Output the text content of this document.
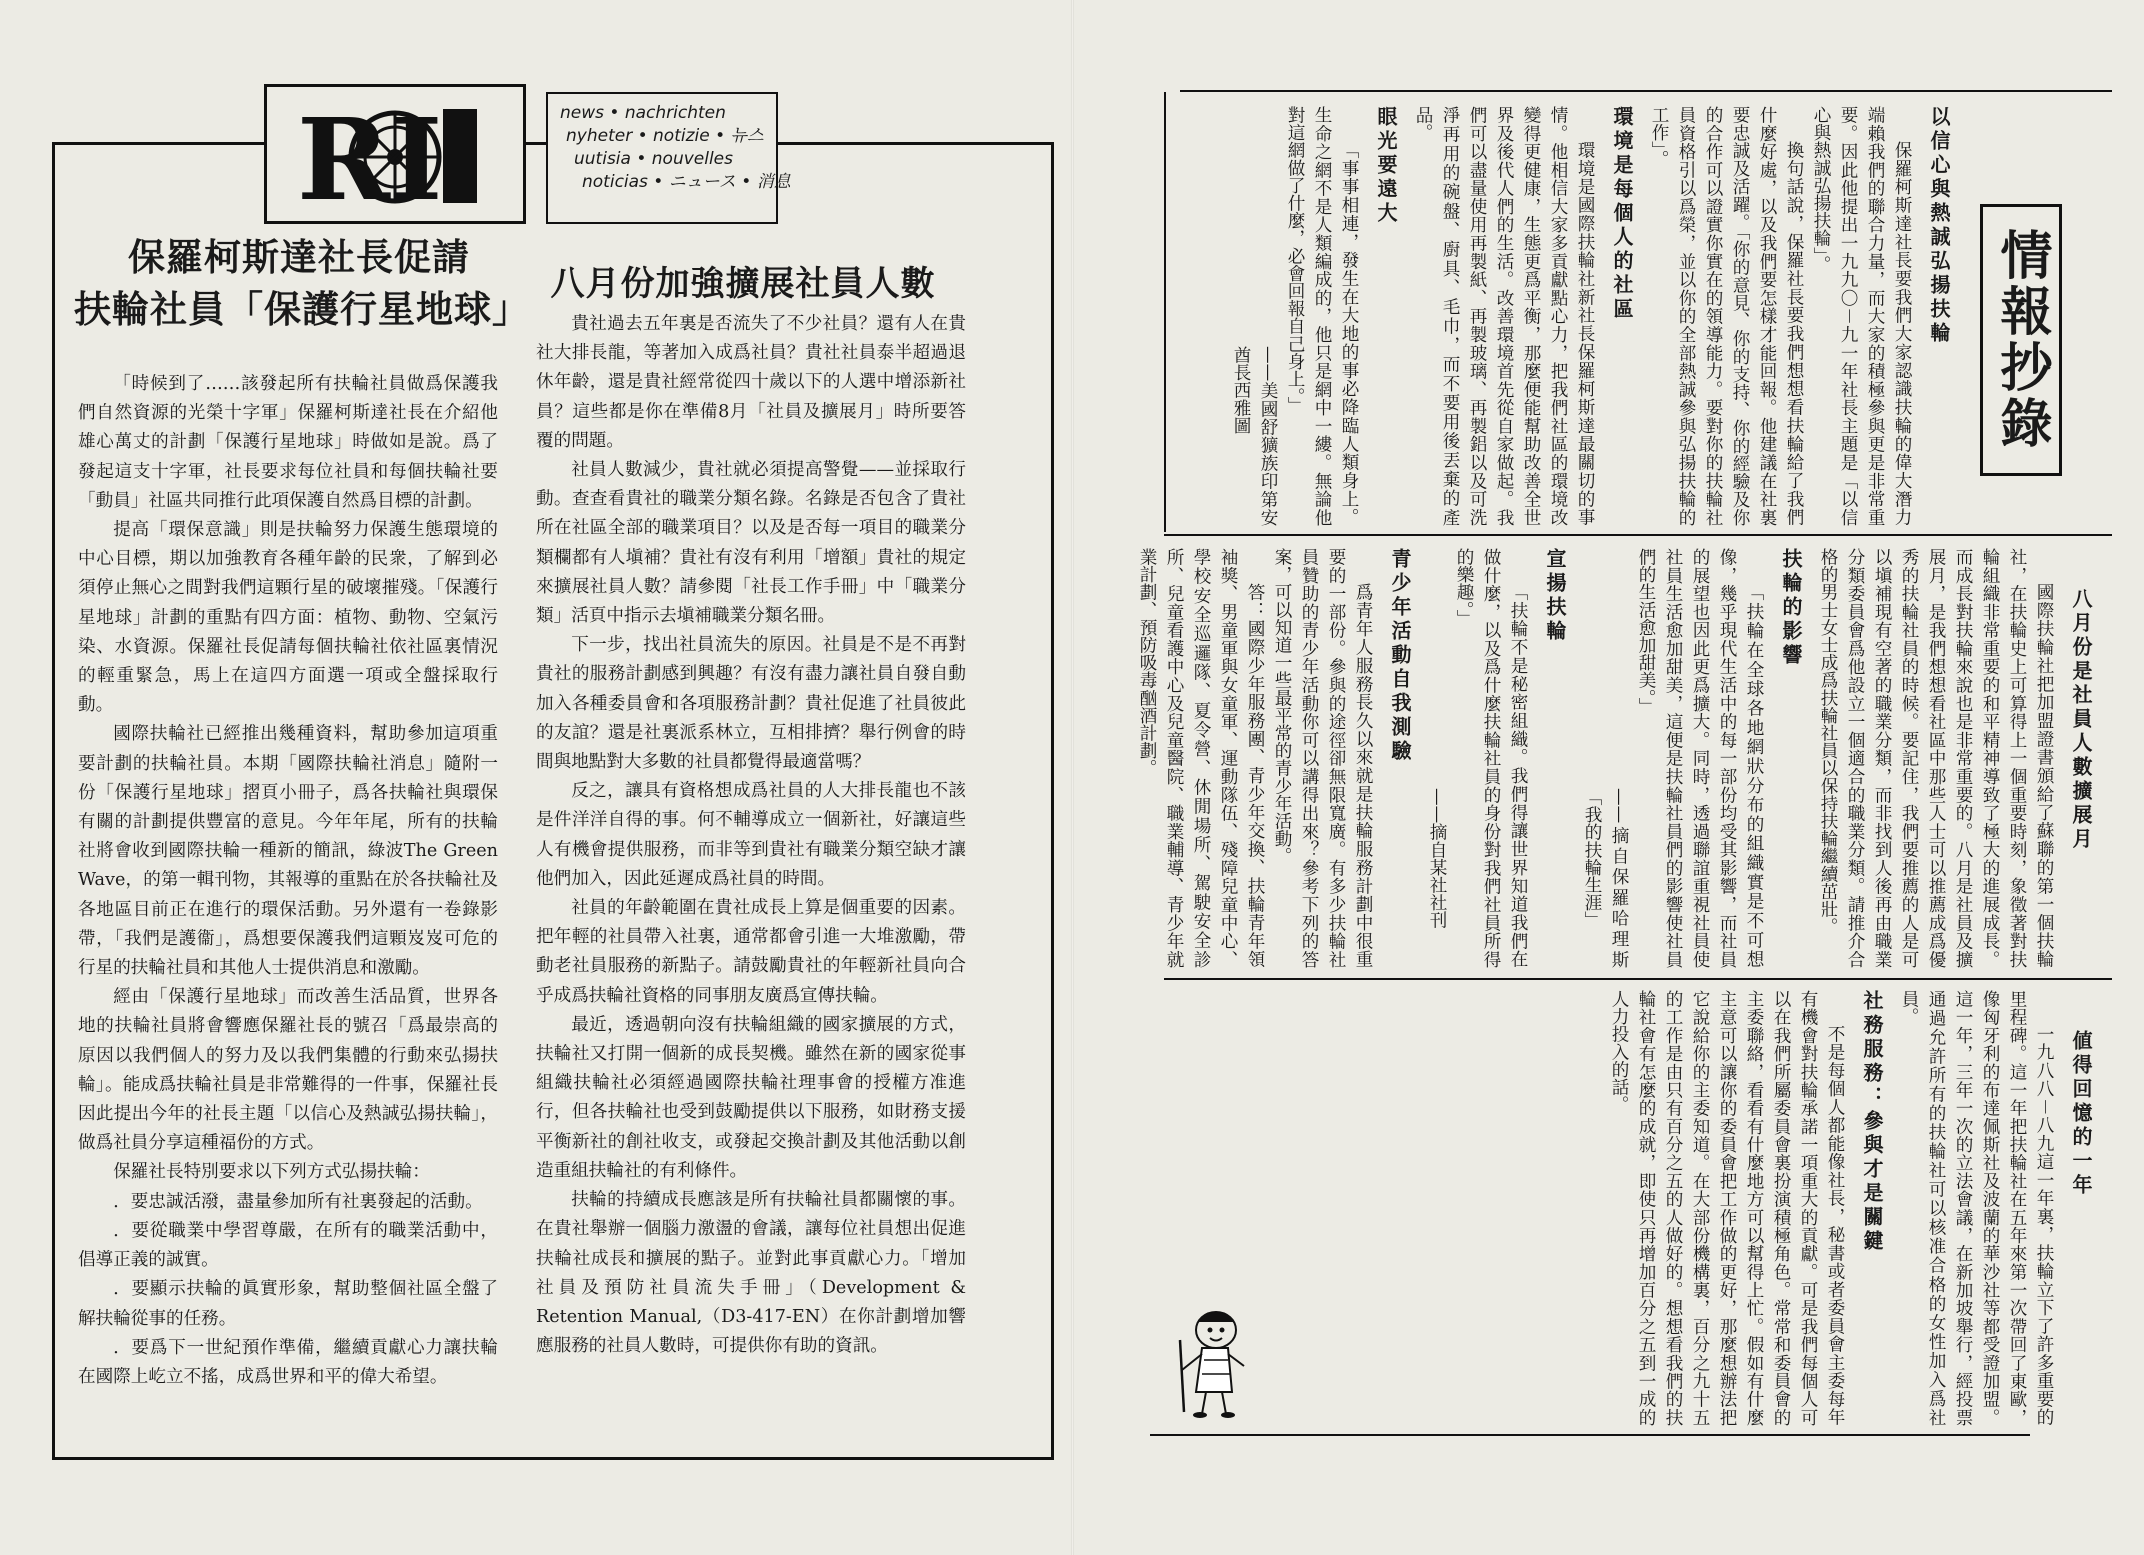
RI	news • nachrichten
nyheter • notizie • 뉴스
uutisia • nouvelles
noticias • ニュース • 消息
保羅柯斯達社長促請
扶輪社員「保護行星地球」
八月份加強擴展社員人數

「時候到了……該發起所有扶輪社員做爲保護我們自然資源的光榮十字軍」保羅柯斯達社長在介紹他雄心萬丈的計劃「保護行星地球」時做如是說。爲了發起這支十字軍，社長要求每位社員和每個扶輪社要「動員」社區共同推行此項保護自然爲目標的計劃。

提高「環保意識」則是扶輪努力保護生態環境的中心目標，期以加強教育各種年齡的民衆，了解到必須停止無心之間對我們這顆行星的破壞摧殘。「保護行星地球」計劃的重點有四方面：植物、動物、空氣污染、水資源。保羅社長促請每個扶輪社依社區裏情況的輕重緊急，馬上在這四方面選一項或全盤採取行動。

國際扶輪社已經推出幾種資料，幫助參加這項重要計劃的扶輪社員。本期「國際扶輪社消息」隨附一份「保護行星地球」摺頁小冊子，爲各扶輪社與環保有關的計劃提供豐富的意見。今年年尾，所有的扶輪社將會收到國際扶輪一種新的簡訊，綠波The Green Wave，的第一輯刊物，其報導的重點在於各扶輪社及各地區目前正在進行的環保活動。另外還有一卷錄影帶，「我們是護衞」，爲想要保護我們這顆岌岌可危的行星的扶輪社員和其他人士提供消息和激勵。

經由「保護行星地球」而改善生活品質，世界各地的扶輪社員將會響應保羅社長的號召「爲最崇高的原因以我們個人的努力及以我們集體的行動來弘揚扶輪」。能成爲扶輪社員是非常難得的一件事，保羅社長因此提出今年的社長主題「以信心及熱誠弘揚扶輪」，做爲社員分享這種福份的方式。

保羅社長特別要求以下列方式弘揚扶輪：

．要忠誠活潑，盡量參加所有社裏發起的活動。

．要從職業中學習尊嚴，在所有的職業活動中，倡導正義的誠實。

．要顯示扶輪的眞實形象，幫助整個社區全盤了解扶輪從事的任務。

．要爲下一世紀預作準備，繼續貢獻心力讓扶輪在國際上屹立不搖，成爲世界和平的偉大希望。

貴社過去五年裏是否流失了不少社員？還有人在貴社大排長龍，等著加入成爲社員？貴社社員泰半超過退休年齡，還是貴社經常從四十歲以下的人選中增添新社員？這些都是你在準備8月「社員及擴展月」時所要答覆的問題。

社員人數減少，貴社就必須提高警覺——並採取行動。查查看貴社的職業分類名錄。名錄是否包含了貴社所在社區全部的職業項目？以及是否每一項目的職業分類欄都有人塡補？貴社有沒有利用「增額」貴社的規定來擴展社員人數？請參閱「社長工作手冊」中「職業分類」活頁中指示去塡補職業分類名冊。

下一步，找出社員流失的原因。社員是不是不再對貴社的服務計劃感到興趣？有沒有盡力讓社員自發自動加入各種委員會和各項服務計劃？貴社促進了社員彼此的友誼？還是社裏派系林立，互相排擠？舉行例會的時間與地點對大多數的社員都覺得最適當嗎？

反之，讓具有資格想成爲社員的人大排長龍也不該是件洋洋自得的事。何不輔導成立一個新社，好讓這些人有機會提供服務，而非等到貴社有職業分類空缺才讓他們加入，因此延遲成爲社員的時間。

社員的年齡範圍在貴社成長上算是個重要的因素。把年輕的社員帶入社裏，通常都會引進一大堆激勵，帶動老社員服務的新點子。請鼓勵貴社的年輕新社員向合乎成爲扶輪社資格的同事朋友廣爲宣傳扶輪。

最近，透過朝向沒有扶輪組織的國家擴展的方式，扶輪社又打開一個新的成長契機。雖然在新的國家從事組織扶輪社必須經過國際扶輪社理事會的授權方准進行，但各扶輪社也受到鼓勵提供以下服務，如財務支援平衡新社的創社收支，或發起交換計劃及其他活動以創造重組扶輪社的有利條件。

扶輪的持續成長應該是所有扶輪社員都關懷的事。在貴社舉辦一個腦力激盪的會議，讓每位社員想出促進扶輪社成長和擴展的點子。並對此事貢獻心力。「增加社員及預防社員流失手冊」（Development & Retention Manual,（D3-417-EN）在你計劃增加響應服務的社員人數時，可提供你有助的資訊。

情報抄錄

以信心與熱誠弘揚扶輪

保羅柯斯達社長要我們大家認識扶輪的偉大潛力端賴我們的聯合力量，而大家的積極參與更是非常重要。因此他提出一九九〇－九一年社長主題是「以信心與熱誠弘揚扶輪」。

換句話說，保羅社長要我們想想看扶輪給了我們什麼好處，以及我們要怎樣才能回報。他建議在社裏要忠誠及活躍。「你的意見、你的支持、你的經驗及你的合作可以證實你實在的領導能力。要對你的扶輪社員資格引以爲榮，並以你的全部熱誠參與弘揚扶輪的工作」。

環境是每個人的社區

環境是國際扶輪社新社長保羅柯斯達最關切的事情。他相信大家多貢獻點心力，把我們社區的環境改變得更健康，生態更爲平衡，那麼便能幫助改善全世界及後代人們的生活。改善環境首先從自家做起。我們可以盡量使用再製紙、再製玻璃、再製鋁以及可洗淨再用的碗盤、廚具、毛巾，而不要用後丟棄的產品。

眼光要遠大

「事事相連，發生在大地的事必降臨人類身上。生命之網不是人類編成的，他只是網中一縷。無論他對這網做了什麼，必會回報自己身上。」

——美國舒獷族印第安酋長西雅圖

八月份是社員人數擴展月

國際扶輪社把加盟證書頒給了蘇聯的第一個扶輪社，在扶輪史上可算得上一個重要時刻，象徵著對扶輪組織非常重要的和平精神導致了極大的進展成長。而成長對扶輪來說也是非常重要的。八月是社員及擴展月，是我們想想看社區中那些人士可以推薦成爲優秀的扶輪社員的時候。要記住，我們要推薦的人是可以塡補現有空著的職業分類，而非找到人後再由職業分類委員會爲他設立一個適合的職業分類。請推介合格的男士女士成爲扶輪社員以保持扶輪繼續茁壯。

扶輪的影響

「扶輪在全球各地網狀分布的組織實是不可想像，幾乎現代生活中的每一部份均受其影響，而社員的展望也因此更爲擴大。同時，透過聯誼重視社員使社員生活愈加甜美，這便是扶輪社員們的影響使社員們的生活愈加甜美。」

——摘自保羅哈理斯「我的扶輪生涯」

宣揚扶輪

「扶輪不是秘密組織。我們得讓世界知道我們在做什麼，以及爲什麼扶輪社員的身份對我們社員所得的樂趣。」

——摘自某社社刊

青少年活動自我測驗

爲青年人服務長久以來就是扶輪服務計劃中很重要的一部份。參與的途徑卻無限寬廣。有多少扶輪社員贊助的青少年活動你可以講得出來？參考下列的答案，可以知道一些最平常的青少年活動。

答：國際少年服務團、青少年交換、扶輪青年領袖獎、男童軍與女童軍、運動隊伍、殘障兒童中心、學校安全巡邏隊、夏令營、休閒場所、駕駛安全診所、兒童看護中心及兒童醫院、職業輔導、青少年就業計劃、預防吸毒酗酒計劃。

値得回憶的一年

一九八八－八九這一年裏，扶輪立下了許多重要的里程碑。這一年把扶輪社在五年來第一次帶回了東歐，像匈牙利的布達佩斯社及波蘭的華沙社等都受證加盟。這一年，三年一次的立法會議，在新加坡舉行，經投票通過允許所有的扶輪社可以核准合格的女性加入爲社員。

社務服務：參與才是關鍵

不是每個人都能像社長，秘書或者委員會主委每年有機會對扶輪承諾一項重大的貢獻。可是我們每個人可以在我們所屬委員會裏扮演積極角色。常常和委員會的主委聯絡，看看有什麼地方可以幫得上忙。假如有什麼主意可以讓你的委員會把工作做的更好，那麼想辦法把它說給你的主委知道。在大部份機構裏，百分之九十五的工作是由只有百分之五的人做好的。想想看我們的扶輪社會有怎麼的成就，即使只再增加百分之五到一成的人力投入的話。
